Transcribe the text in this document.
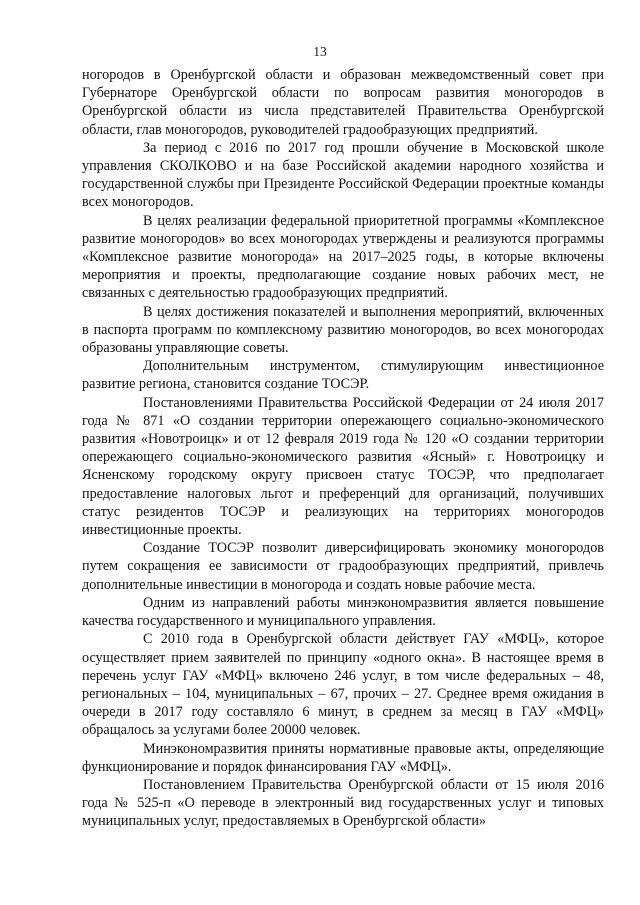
13

ногородов в Оренбургской области и образован межведомственный совет при Губернаторе Оренбургской области по вопросам развития моногородов в Оренбургской области из числа представителей Правительства Оренбургской области, глав моногородов, руководителей градообразующих предприятий.

За период с 2016 по 2017 год прошли обучение в Московской школе управления СКОЛКОВО и на базе Российской академии народного хозяйства и государственной службы при Президенте Российской Федерации проектные команды всех моногородов.

В целях реализации федеральной приоритетной программы «Комплексное развитие моногородов» во всех моногородах утверждены и реализуются программы «Комплексное развитие моногорода» на 2017–2025 годы, в которые включены мероприятия и проекты, предполагающие создание новых рабочих мест, не связанных с деятельностью градообразующих предприятий.

В целях достижения показателей и выполнения мероприятий, включенных в паспорта программ по комплексному развитию моногородов, во всех моногородах образованы управляющие советы.

Дополнительным инструментом, стимулирующим инвестиционное развитие региона, становится создание ТОСЭР.

Постановлениями Правительства Российской Федерации от 24 июля 2017 года № 871 «О создании территории опережающего социально-экономического развития «Новотроицк» и от 12 февраля 2019 года № 120 «О создании территории опережающего социально-экономического развития «Ясный» г. Новотроицку и Ясненскому городскому округу присвоен статус ТОСЭР, что предполагает предоставление налоговых льгот и преференций для организаций, получивших статус резидентов ТОСЭР и реализующих на территориях моногородов инвестиционные проекты.

Создание ТОСЭР позволит диверсифицировать экономику моногородов путем сокращения ее зависимости от градообразующих предприятий, привлечь дополнительные инвестиции в моногорода и создать новые рабочие места.

Одним из направлений работы минэкономразвития является повышение качества государственного и муниципального управления.

С 2010 года в Оренбургской области действует ГАУ «МФЦ», которое осуществляет прием заявителей по принципу «одного окна». В настоящее время в перечень услуг ГАУ «МФЦ» включено 246 услуг, в том числе федеральных – 48, региональных – 104, муниципальных – 67, прочих – 27. Среднее время ожидания в очереди в 2017 году составляло 6 минут, в среднем за месяц в ГАУ «МФЦ» обращалось за услугами более 20000 человек.

Минэкономразвития приняты нормативные правовые акты, определяющие функционирование и порядок финансирования ГАУ «МФЦ».

Постановлением Правительства Оренбургской области от 15 июля 2016 года № 525-п «О переводе в электронный вид государственных услуг и типовых муниципальных услуг, предоставляемых в Оренбургской области»
